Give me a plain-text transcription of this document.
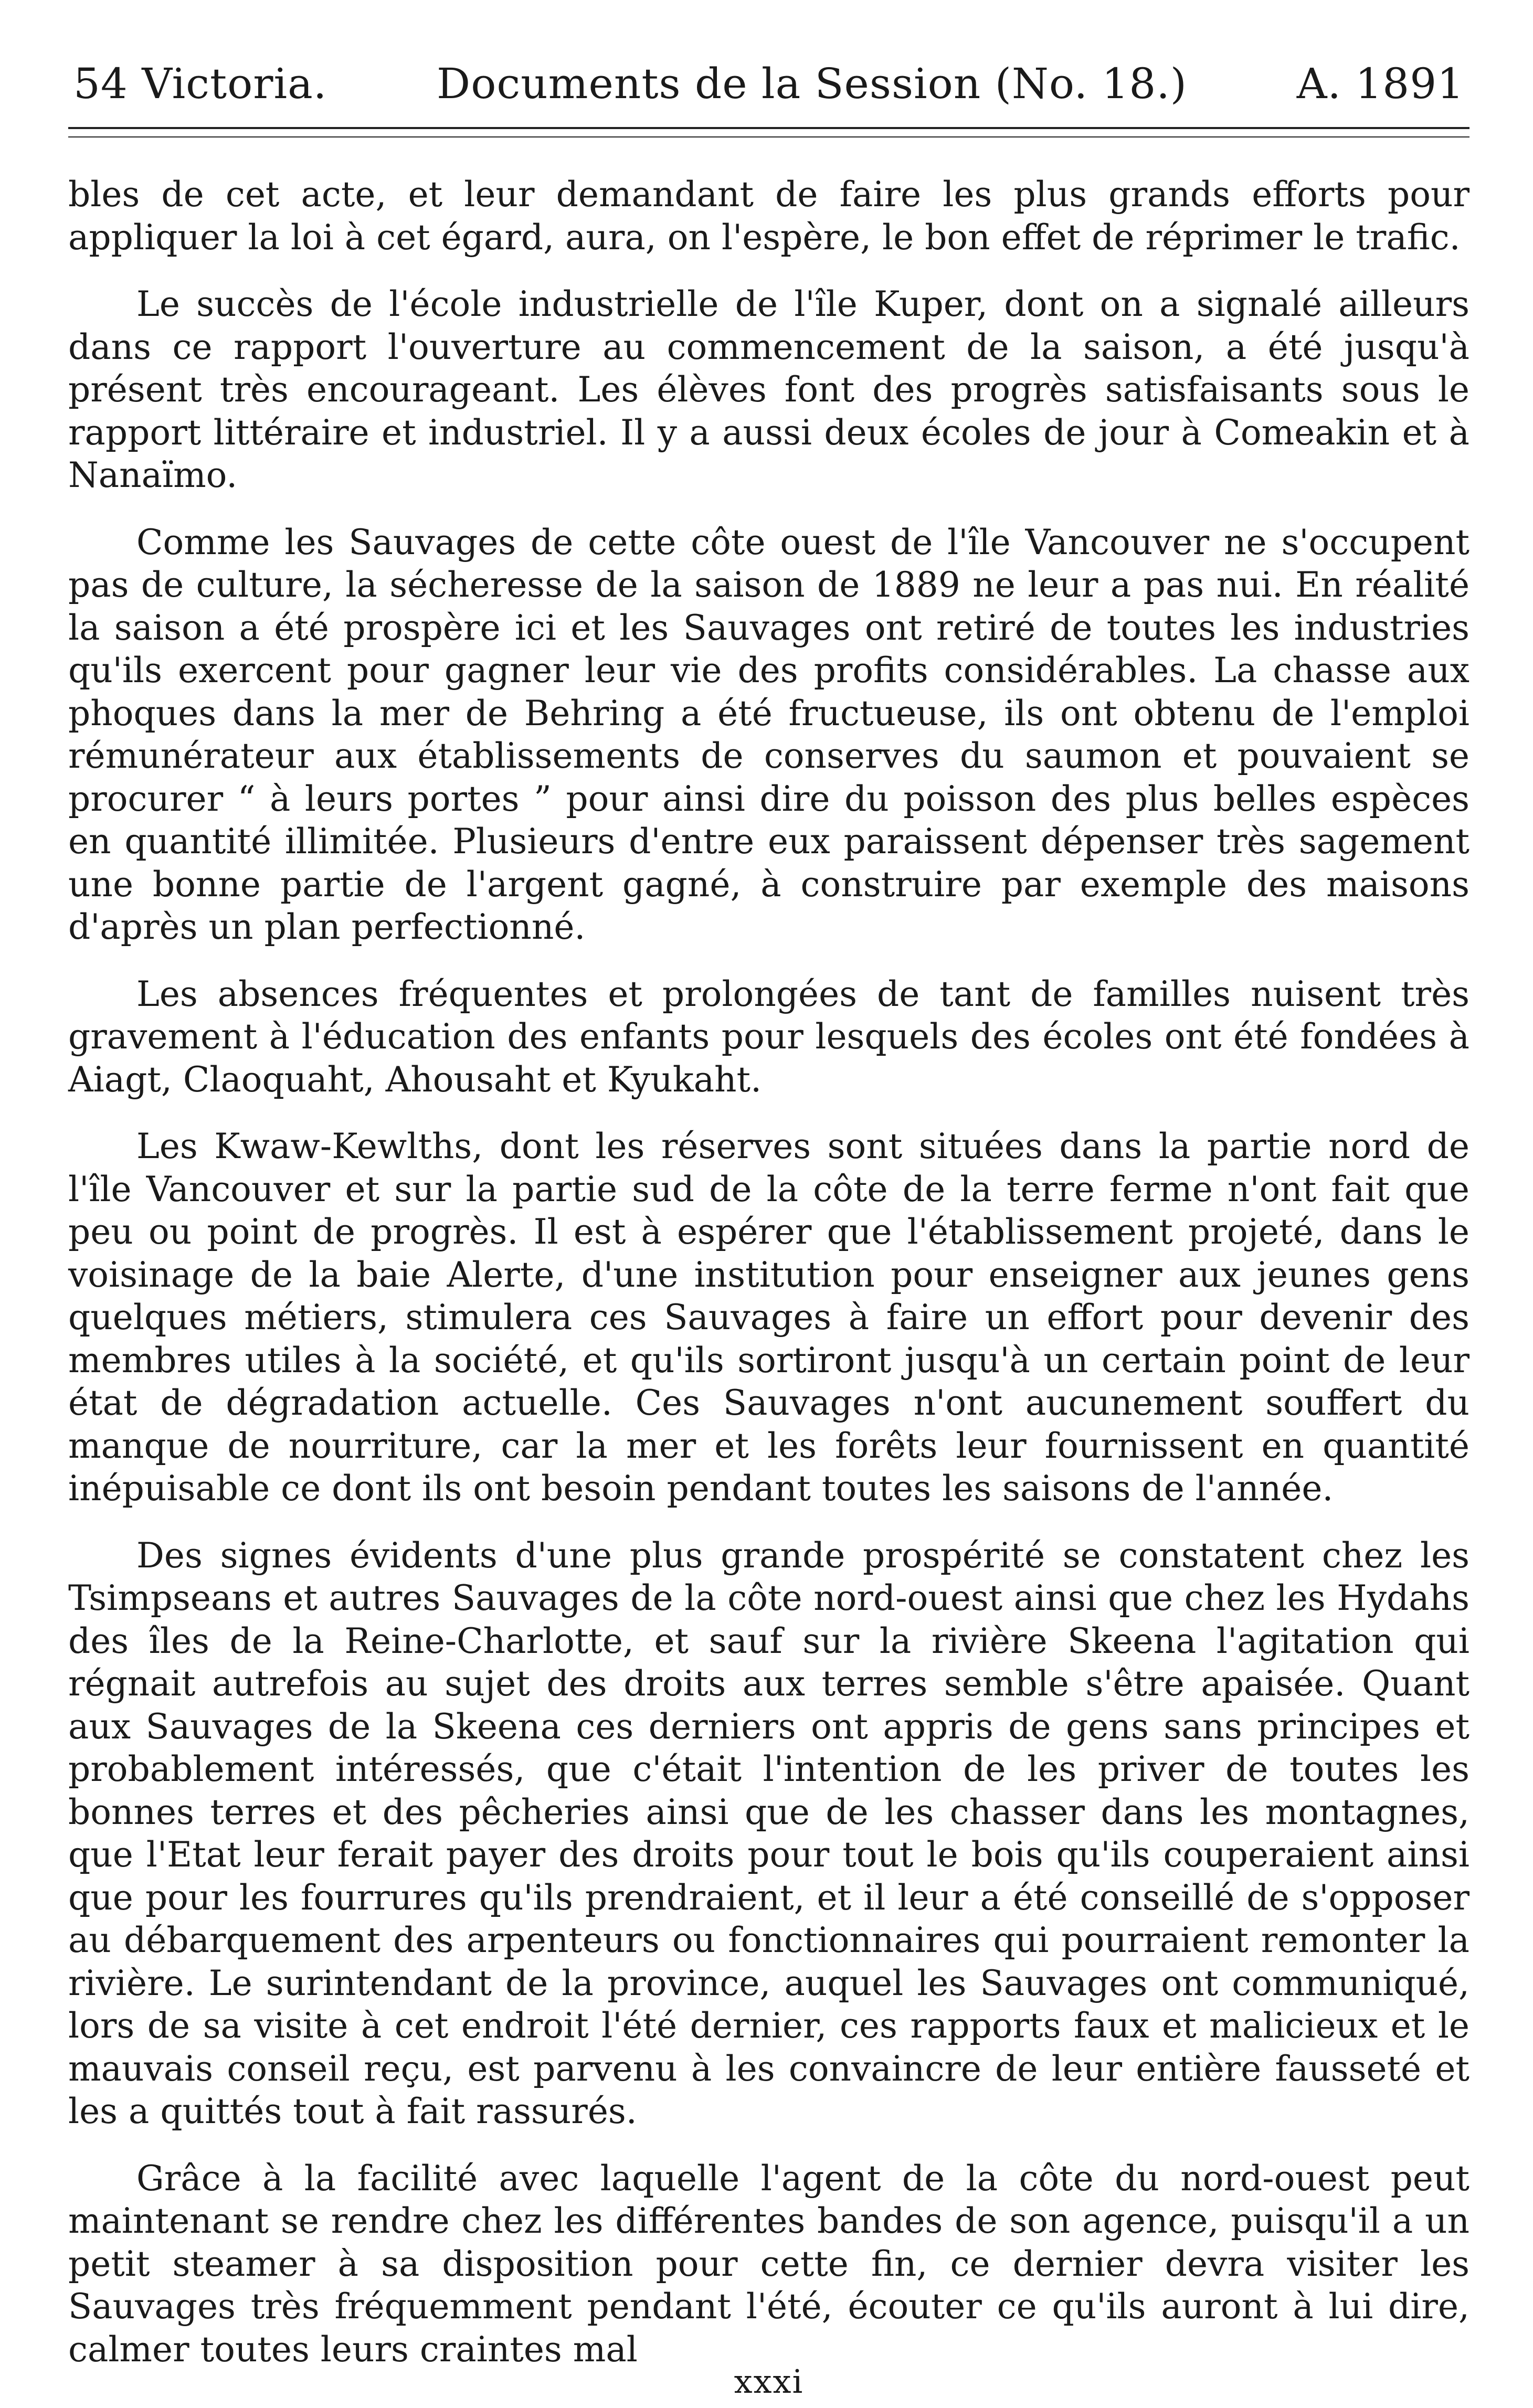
54 Victoria.	Documents de la Session (No. 18.)	A. 1891

bles de cet acte, et leur demandant de faire les plus grands efforts pour appliquer la loi à cet égard, aura, on l'espère, le bon effet de réprimer le trafic.

Le succès de l'école industrielle de l'île Kuper, dont on a signalé ailleurs dans ce rapport l'ouverture au commencement de la saison, a été jusqu'à présent très encourageant. Les élèves font des progrès satisfaisants sous le rapport littéraire et industriel. Il y a aussi deux écoles de jour à Comeakin et à Nanaïmo.

Comme les Sauvages de cette côte ouest de l'île Vancouver ne s'occupent pas de culture, la sécheresse de la saison de 1889 ne leur a pas nui. En réalité la saison a été prospère ici et les Sauvages ont retiré de toutes les industries qu'ils exercent pour gagner leur vie des profits considérables. La chasse aux phoques dans la mer de Behring a été fructueuse, ils ont obtenu de l'emploi rémunérateur aux établissements de conserves du saumon et pouvaient se procurer “ à leurs portes ” pour ainsi dire du poisson des plus belles espèces en quantité illimitée. Plusieurs d'entre eux paraissent dépenser très sagement une bonne partie de l'argent gagné, à construire par exemple des maisons d'après un plan perfectionné.

Les absences fréquentes et prolongées de tant de familles nuisent très gravement à l'éducation des enfants pour lesquels des écoles ont été fondées à Aiagt, Claoquaht, Ahousaht et Kyukaht.

Les Kwaw-Kewlths, dont les réserves sont situées dans la partie nord de l'île Vancouver et sur la partie sud de la côte de la terre ferme n'ont fait que peu ou point de progrès. Il est à espérer que l'établissement projeté, dans le voisinage de la baie Alerte, d'une institution pour enseigner aux jeunes gens quelques métiers, stimulera ces Sauvages à faire un effort pour devenir des membres utiles à la société, et qu'ils sortiront jusqu'à un certain point de leur état de dégradation actuelle. Ces Sauvages n'ont aucunement souffert du manque de nourriture, car la mer et les forêts leur fournissent en quantité inépuisable ce dont ils ont besoin pendant toutes les saisons de l'année.

Des signes évidents d'une plus grande prospérité se constatent chez les Tsimpseans et autres Sauvages de la côte nord-ouest ainsi que chez les Hydahs des îles de la Reine-Charlotte, et sauf sur la rivière Skeena l'agitation qui régnait autrefois au sujet des droits aux terres semble s'être apaisée. Quant aux Sauvages de la Skeena ces derniers ont appris de gens sans principes et probablement intéressés, que c'était l'intention de les priver de toutes les bonnes terres et des pêcheries ainsi que de les chasser dans les montagnes, que l'Etat leur ferait payer des droits pour tout le bois qu'ils couperaient ainsi que pour les fourrures qu'ils prendraient, et il leur a été conseillé de s'opposer au débarquement des arpenteurs ou fonctionnaires qui pourraient remonter la rivière. Le surintendant de la province, auquel les Sauvages ont communiqué, lors de sa visite à cet endroit l'été dernier, ces rapports faux et malicieux et le mauvais conseil reçu, est parvenu à les convaincre de leur entière fausseté et les a quittés tout à fait rassurés.

Grâce à la facilité avec laquelle l'agent de la côte du nord-ouest peut maintenant se rendre chez les différentes bandes de son agence, puisqu'il a un petit steamer à sa disposition pour cette fin, ce dernier devra visiter les Sauvages très fréquemment pendant l'été, écouter ce qu'ils auront à lui dire, calmer toutes leurs craintes mal

xxxi
